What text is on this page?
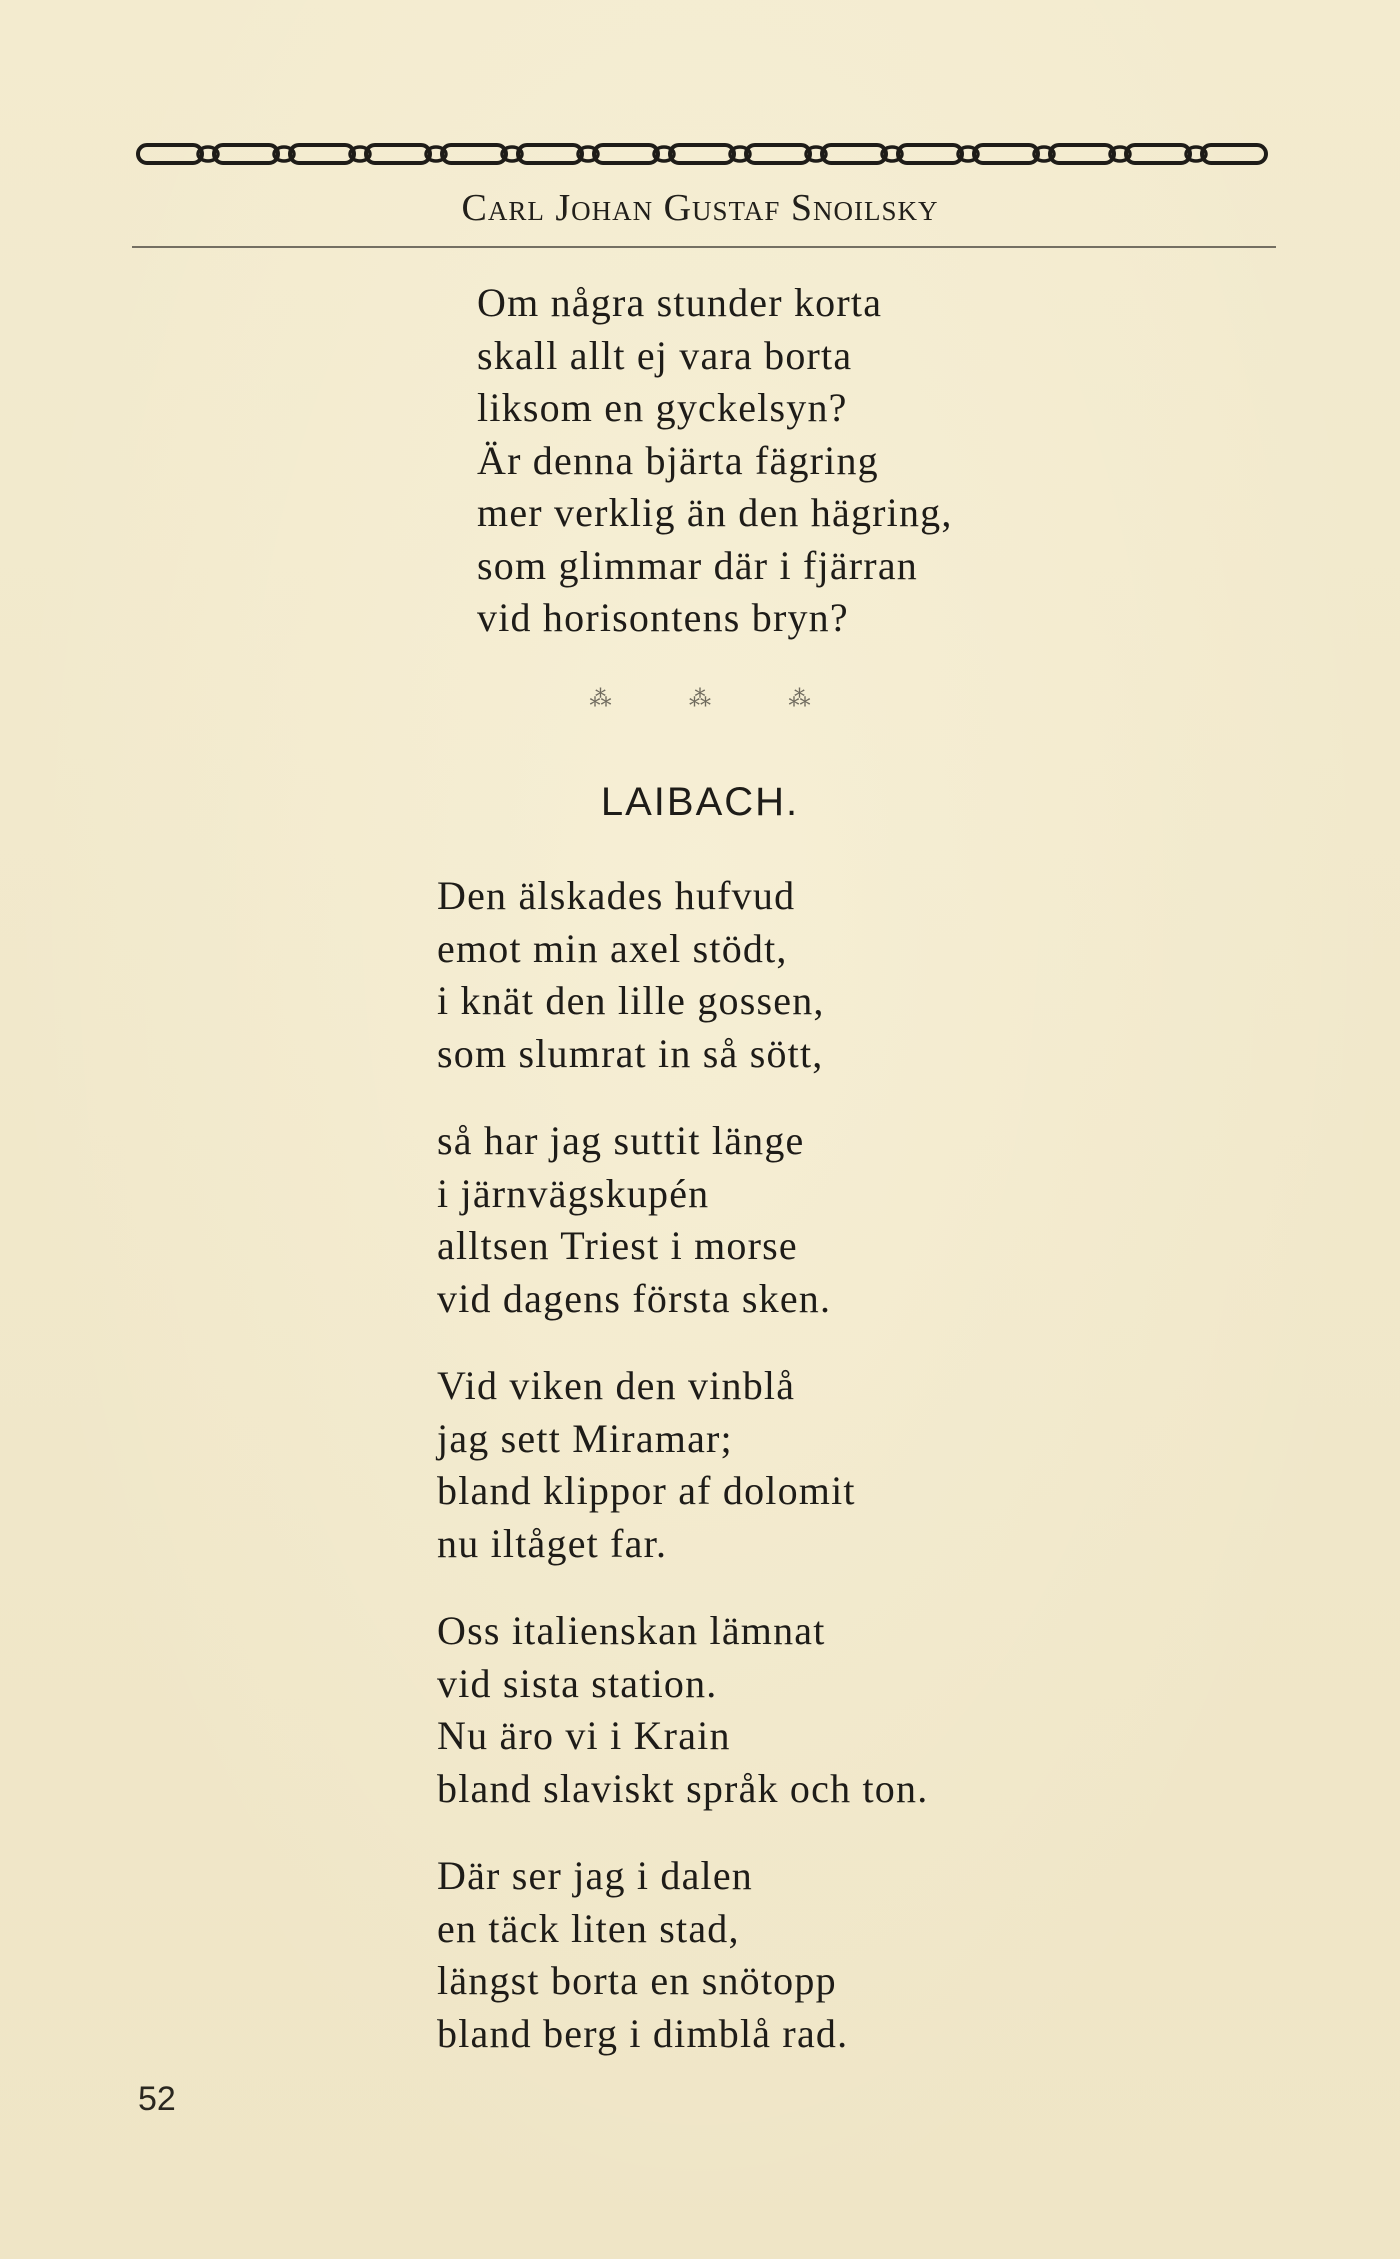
Carl Johan Gustaf Snoilsky
Om några stunder korta
skall allt ej vara borta
liksom en gyckelsyn?
Är denna bjärta fägring
mer verklig än den hägring,
som glimmar där i fjärran
vid horisontens bryn?
⁂ ⁂ ⁂
LAIBACH.
Den älskades hufvud
emot min axel stödt,
i knät den lille gossen,
som slumrat in så sött,
så har jag suttit länge
i järnvägskupén
alltsen Triest i morse
vid dagens första sken.
Vid viken den vinblå
jag sett Miramar;
bland klippor af dolomit
nu iltåget far.
Oss italienskan lämnat
vid sista station.
Nu äro vi i Krain
bland slaviskt språk och ton.
Där ser jag i dalen
en täck liten stad,
längst borta en snötopp
bland berg i dimblå rad.
52
